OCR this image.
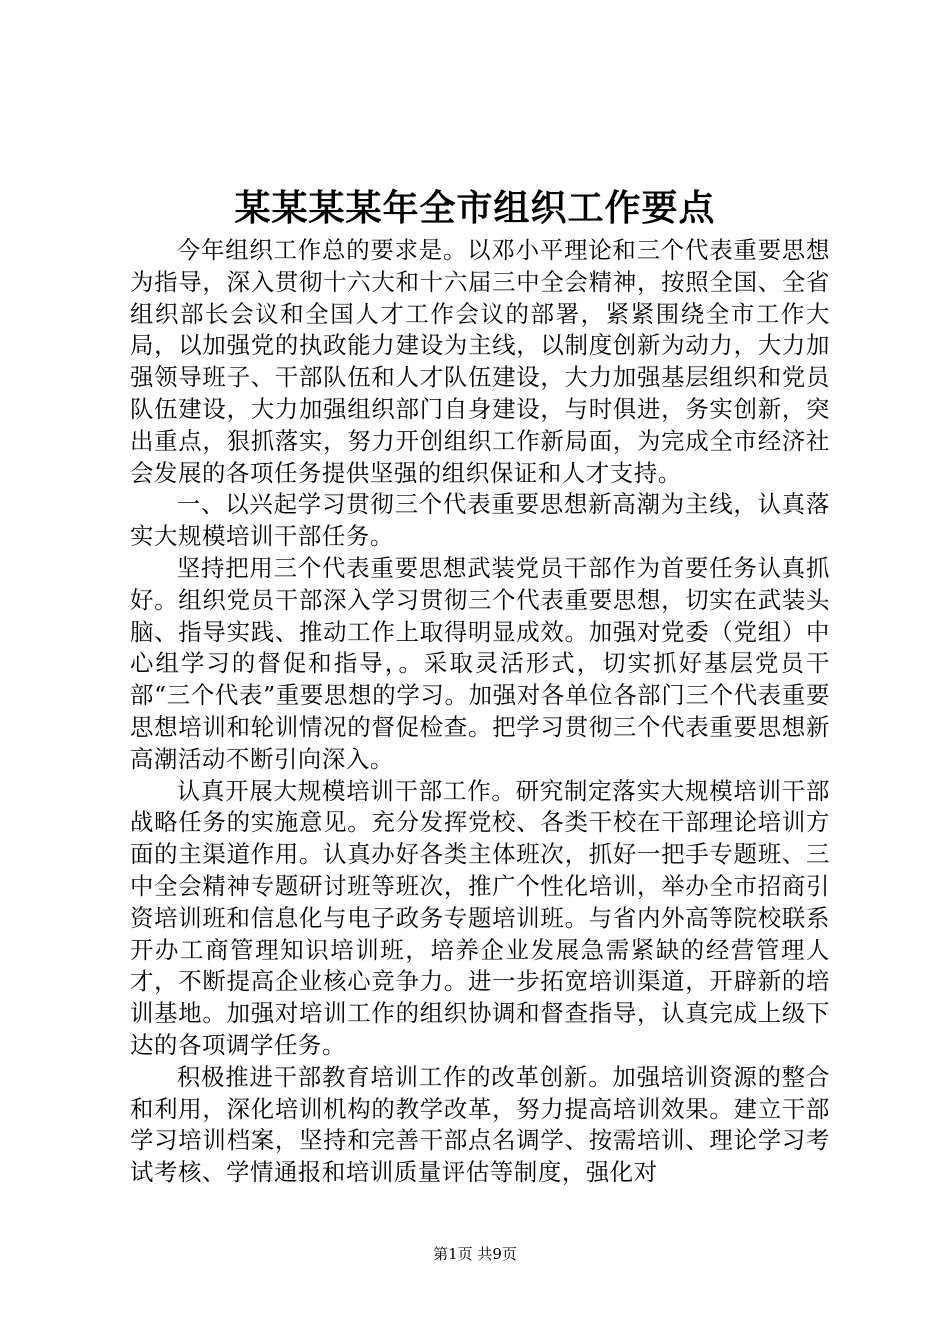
某某某某年全市组织工作要点

今年组织工作总的要求是。以邓小平理论和三个代表重要思想为指导，深入贯彻十六大和十六届三中全会精神，按照全国、全省组织部长会议和全国人才工作会议的部署，紧紧围绕全市工作大局，以加强党的执政能力建设为主线，以制度创新为动力，大力加强领导班子、干部队伍和人才队伍建设，大力加强基层组织和党员队伍建设，大力加强组织部门自身建设，与时俱进，务实创新，突出重点，狠抓落实，努力开创组织工作新局面，为完成全市经济社会发展的各项任务提供坚强的组织保证和人才支持。

一、以兴起学习贯彻三个代表重要思想新高潮为主线，认真落实大规模培训干部任务。

坚持把用三个代表重要思想武装党员干部作为首要任务认真抓好。组织党员干部深入学习贯彻三个代表重要思想，切实在武装头脑、指导实践、推动工作上取得明显成效。加强对党委（党组）中心组学习的督促和指导，。采取灵活形式，切实抓好基层党员干部“三个代表”重要思想的学习。加强对各单位各部门三个代表重要思想培训和轮训情况的督促检查。把学习贯彻三个代表重要思想新高潮活动不断引向深入。

认真开展大规模培训干部工作。研究制定落实大规模培训干部战略任务的实施意见。充分发挥党校、各类干校在干部理论培训方面的主渠道作用。认真办好各类主体班次，抓好一把手专题班、三中全会精神专题研讨班等班次，推广个性化培训，举办全市招商引资培训班和信息化与电子政务专题培训班。与省内外高等院校联系开办工商管理知识培训班，培养企业发展急需紧缺的经营管理人才，不断提高企业核心竞争力。进一步拓宽培训渠道，开辟新的培训基地。加强对培训工作的组织协调和督查指导，认真完成上级下达的各项调学任务。

积极推进干部教育培训工作的改革创新。加强培训资源的整合和利用，深化培训机构的教学改革，努力提高培训效果。建立干部学习培训档案，坚持和完善干部点名调学、按需培训、理论学习考试考核、学情通报和培训质量评估等制度，强化对

第1页 共9页
